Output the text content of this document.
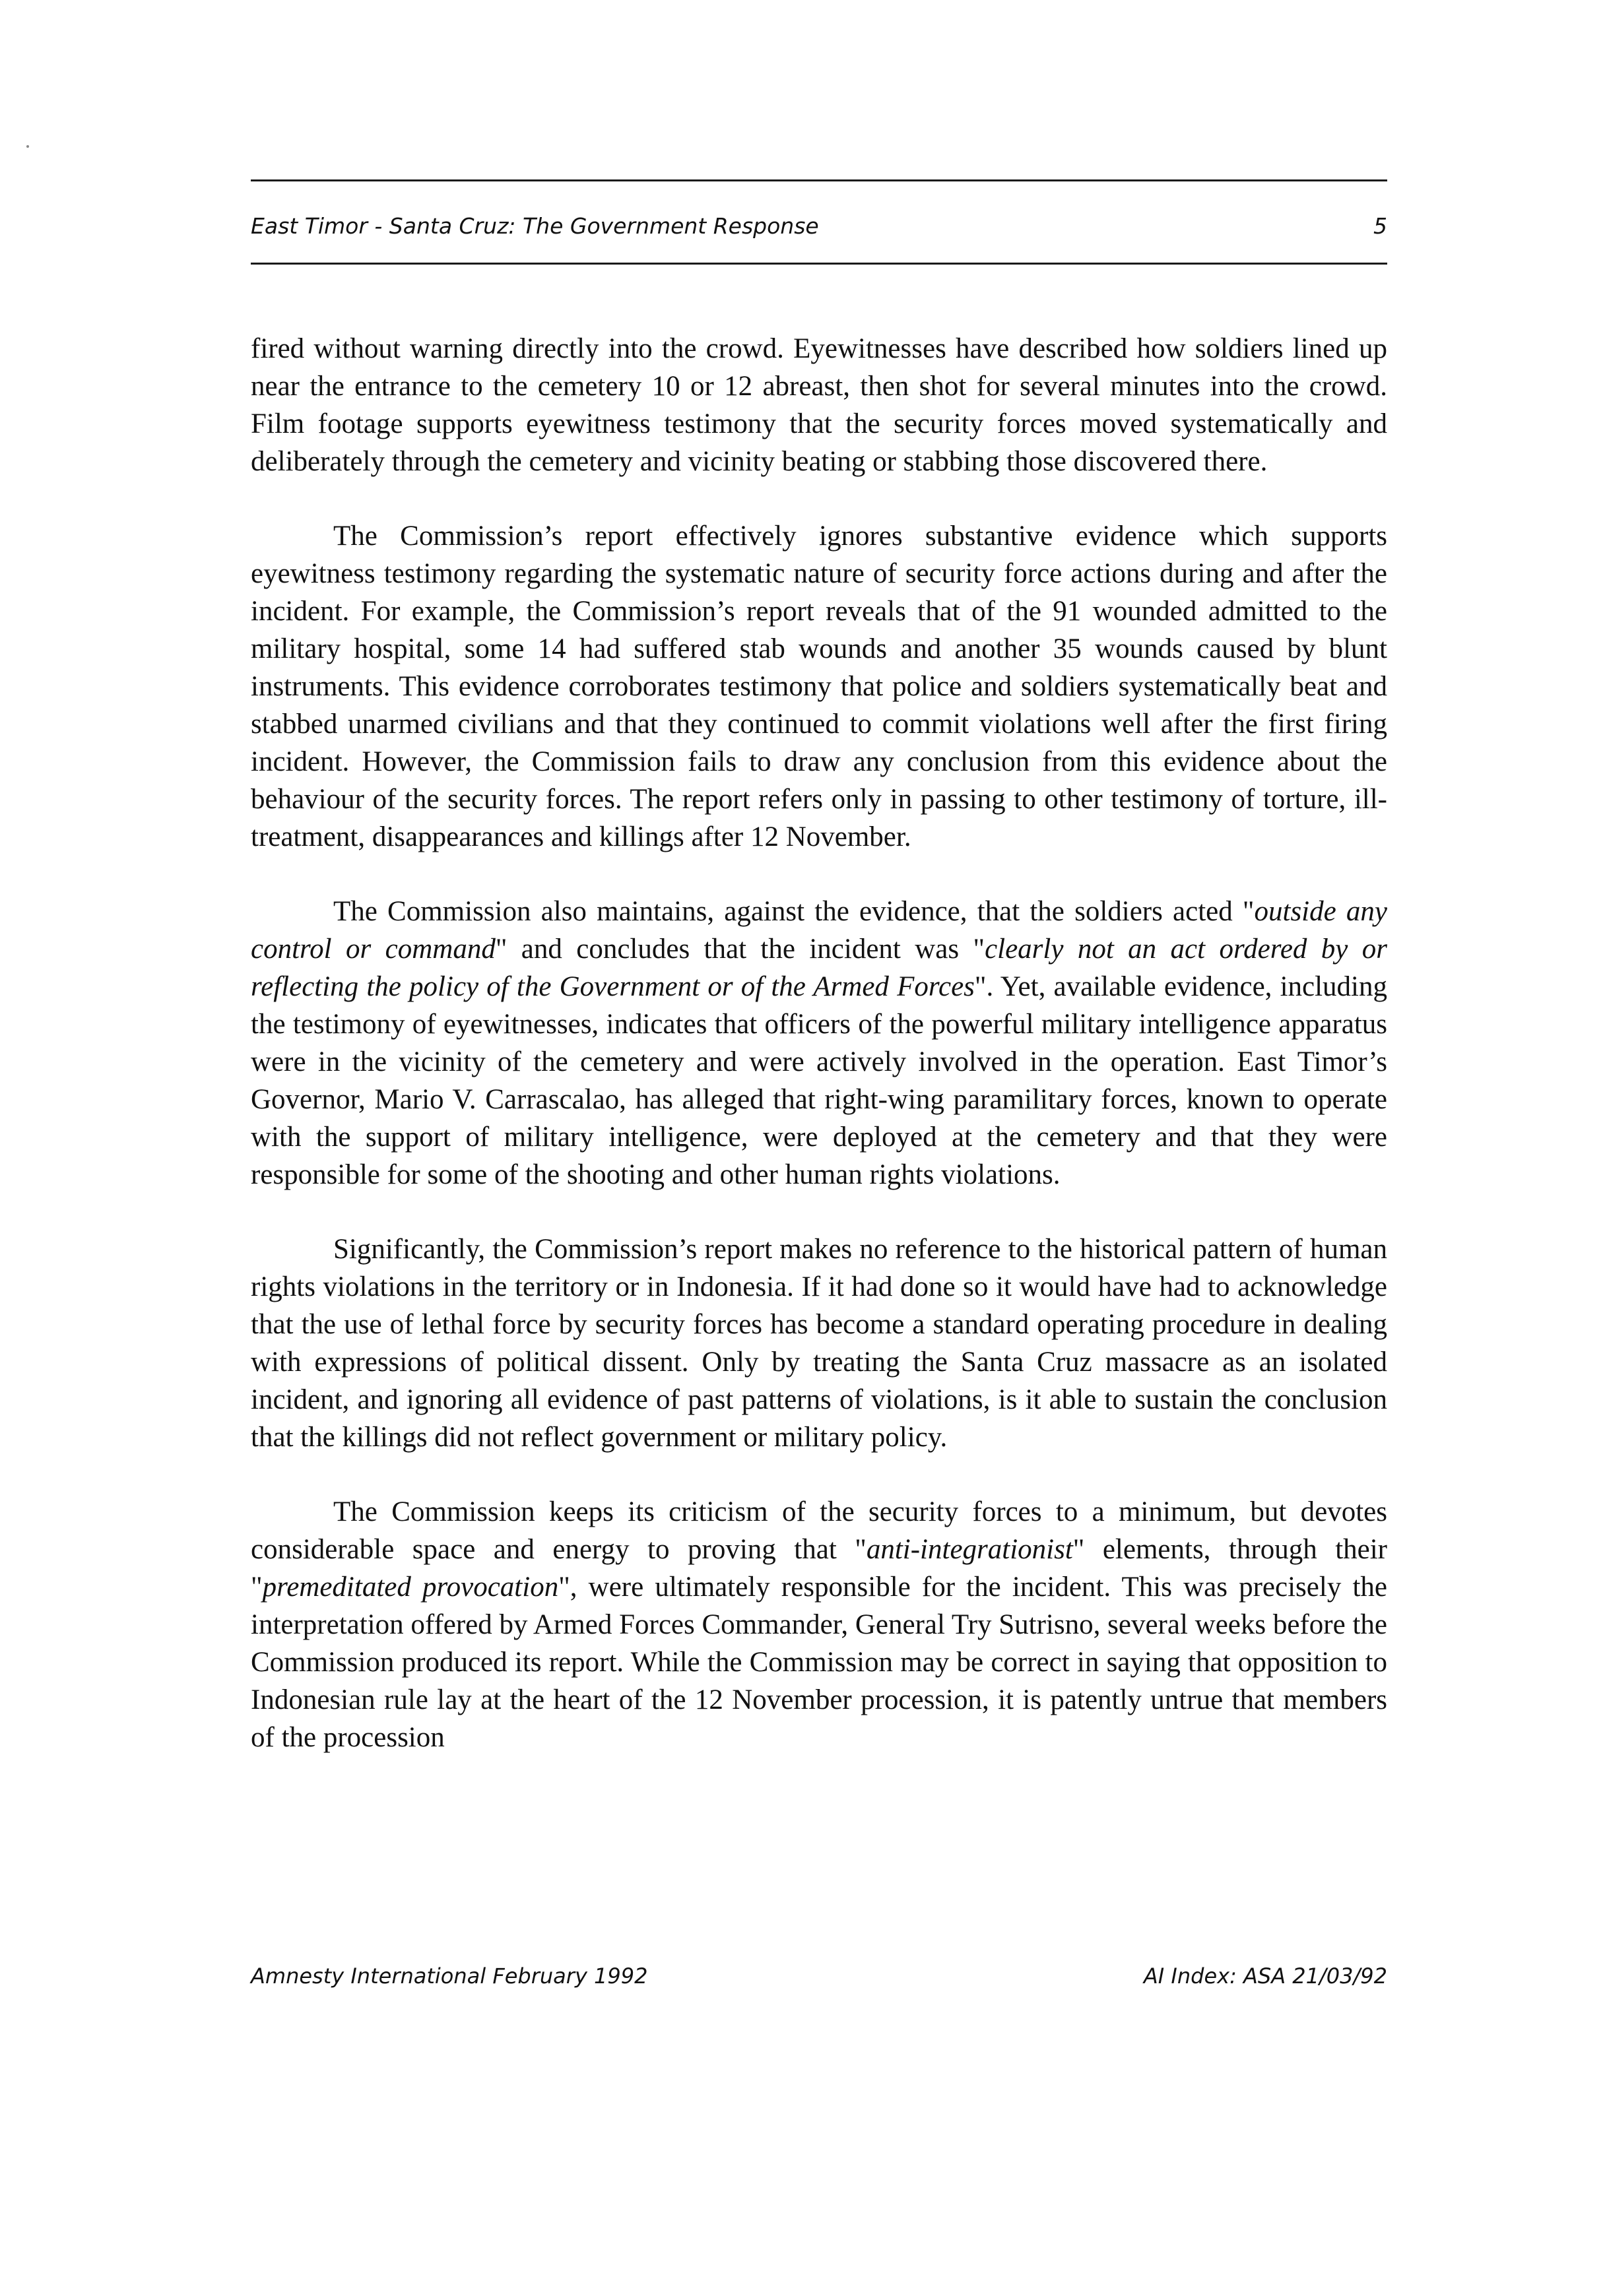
East Timor - Santa Cruz: The Government Response	5

fired without warning directly into the crowd. Eyewitnesses have described how soldiers lined up near the entrance to the cemetery 10 or 12 abreast, then shot for several minutes into the crowd. Film footage supports eyewitness testimony that the security forces moved systematically and deliberately through the cemetery and vicinity beating or stabbing those discovered there.

The Commission’s report effectively ignores substantive evidence which supports eyewitness testimony regarding the systematic nature of security force actions during and after the incident. For example, the Commission’s report reveals that of the 91 wounded admitted to the military hospital, some 14 had suffered stab wounds and another 35 wounds caused by blunt instruments. This evidence corroborates testimony that police and soldiers systematically beat and stabbed unarmed civilians and that they continued to commit violations well after the first firing incident. However, the Commission fails to draw any conclusion from this evidence about the behaviour of the security forces. The report refers only in passing to other testimony of torture, ill-treatment, disappearances and killings after 12 November.

The Commission also maintains, against the evidence, that the soldiers acted "outside any control or command" and concludes that the incident was "clearly not an act ordered by or reflecting the policy of the Government or of the Armed Forces". Yet, available evidence, including the testimony of eyewitnesses, indicates that officers of the powerful military intelligence apparatus were in the vicinity of the cemetery and were actively involved in the operation. East Timor’s Governor, Mario V. Carrascalao, has alleged that right-wing paramilitary forces, known to operate with the support of military intelligence, were deployed at the cemetery and that they were responsible for some of the shooting and other human rights violations.

Significantly, the Commission’s report makes no reference to the historical pattern of human rights violations in the territory or in Indonesia. If it had done so it would have had to acknowledge that the use of lethal force by security forces has become a standard operating procedure in dealing with expressions of political dissent. Only by treating the Santa Cruz massacre as an isolated incident, and ignoring all evidence of past patterns of violations, is it able to sustain the conclusion that the killings did not reflect government or military policy.

The Commission keeps its criticism of the security forces to a minimum, but devotes considerable space and energy to proving that "anti-integrationist" elements, through their "premeditated provocation", were ultimately responsible for the incident. This was precisely the interpretation offered by Armed Forces Commander, General Try Sutrisno, several weeks before the Commission produced its report. While the Commission may be correct in saying that opposition to Indonesian rule lay at the heart of the 12 November procession, it is patently untrue that members of the procession

Amnesty International February 1992	AI Index: ASA 21/03/92
